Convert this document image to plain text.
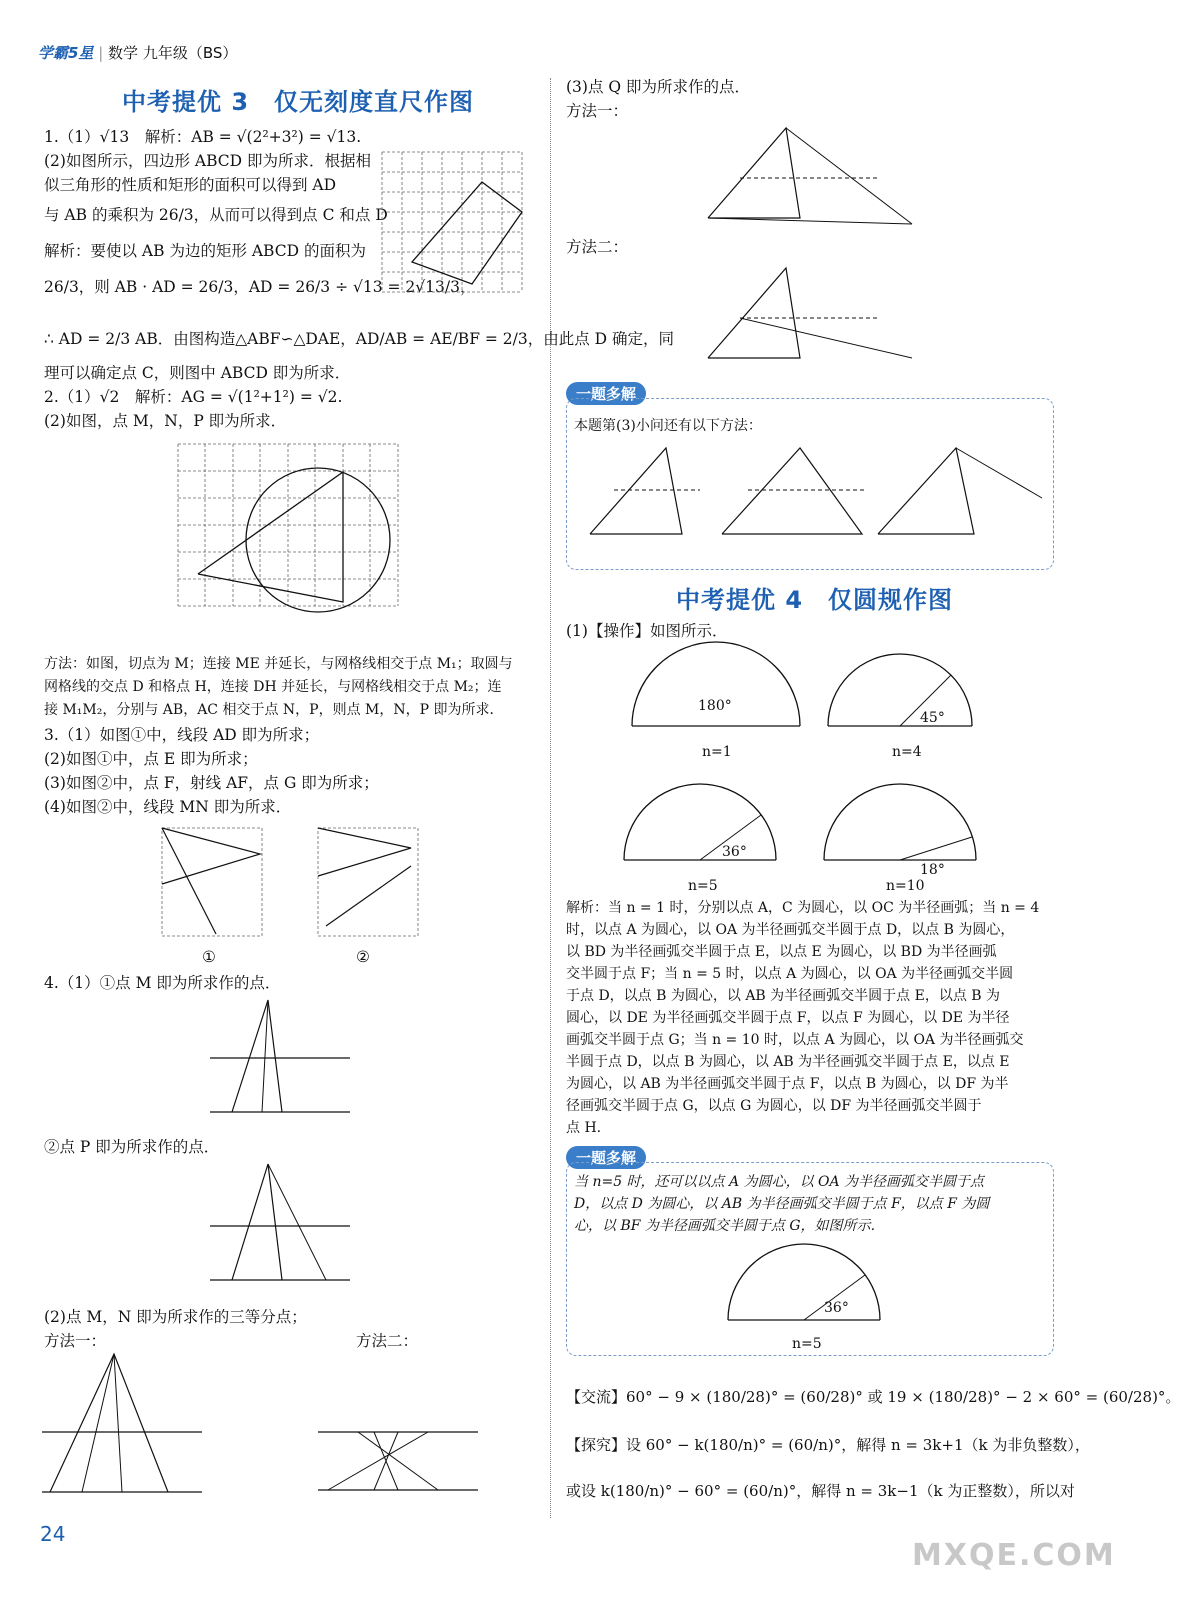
学霸5星 | 数学 九年级（BS）
中考提优 3　仅无刻度直尺作图
1.（1）√13　解析：AB = √(2²+3²) = √13.
(2)如图所示，四边形 ABCD 即为所求．根据相
似三角形的性质和矩形的面积可以得到 AD
与 AB 的乘积为 26/3，从而可以得到点 C 和点 D
解析：要使以 AB 为边的矩形 ABCD 的面积为
26/3，则 AB · AD = 26/3，AD = 26/3 ÷ √13 = 2√13/3，
∴ AD = 2/3 AB．由图构造△ABF∽△DAE，AD/AB = AE/BF = 2/3，由此点 D 确定，同
理可以确定点 C，则图中 ABCD 即为所求．
2.（1）√2　解析：AG = √(1²+1²) = √2.
(2)如图，点 M，N，P 即为所求．
方法：如图，切点为 M；连接 ME 并延长，与网格线相交于点 M₁；取圆与
网格线的交点 D 和格点 H，连接 DH 并延长，与网格线相交于点 M₂；连
接 M₁M₂，分别与 AB，AC 相交于点 N，P，则点 M，N，P 即为所求．
3.（1）如图①中，线段 AD 即为所求；
(2)如图①中，点 E 即为所求；
(3)如图②中，点 F，射线 AF，点 G 即为所求；
(4)如图②中，线段 MN 即为所求．
①	②
4.（1）①点 M 即为所求作的点．
②点 P 即为所求作的点．
(2)点 M，N 即为所求作的三等分点；
方法一：	方法二：
24
(3)点 Q 即为所求作的点．
方法一：
方法二：
一题多解
本题第(3)小问还有以下方法：
中考提优 4　仅圆规作图
(1)【操作】如图所示．
180°
45°
36°
18°
n=1	n=4
n=5	n=10
解析：当 n = 1 时，分别以点 A，C 为圆心，以 OC 为半径画弧；当 n = 4
时，以点 A 为圆心，以 OA 为半径画弧交半圆于点 D，以点 B 为圆心，
以 BD 为半径画弧交半圆于点 E，以点 E 为圆心，以 BD 为半径画弧
交半圆于点 F；当 n = 5 时，以点 A 为圆心，以 OA 为半径画弧交半圆
于点 D，以点 B 为圆心，以 AB 为半径画弧交半圆于点 E，以点 B 为
圆心，以 DE 为半径画弧交半圆于点 F，以点 F 为圆心，以 DE 为半径
画弧交半圆于点 G；当 n = 10 时，以点 A 为圆心，以 OA 为半径画弧交
半圆于点 D，以点 B 为圆心，以 AB 为半径画弧交半圆于点 E，以点 E
为圆心，以 AB 为半径画弧交半圆于点 F，以点 B 为圆心，以 DF 为半
径画弧交半圆于点 G，以点 G 为圆心，以 DF 为半径画弧交半圆于
点 H.
一题多解
当 n=5 时，还可以以点 A 为圆心，以 OA 为半径画弧交半圆于点
D，以点 D 为圆心，以 AB 为半径画弧交半圆于点 F，以点 F 为圆
心，以 BF 为半径画弧交半圆于点 G，如图所示．
36°
n=5
【交流】60° − 9 × (180/28)° = (60/28)° 或 19 × (180/28)° − 2 × 60° = (60/28)°。
【探究】设 60° − k(180/n)° = (60/n)°，解得 n = 3k+1（k 为非负整数），
或设 k(180/n)° − 60° = (60/n)°，解得 n = 3k−1（k 为正整数），所以对
MXQE.COM
